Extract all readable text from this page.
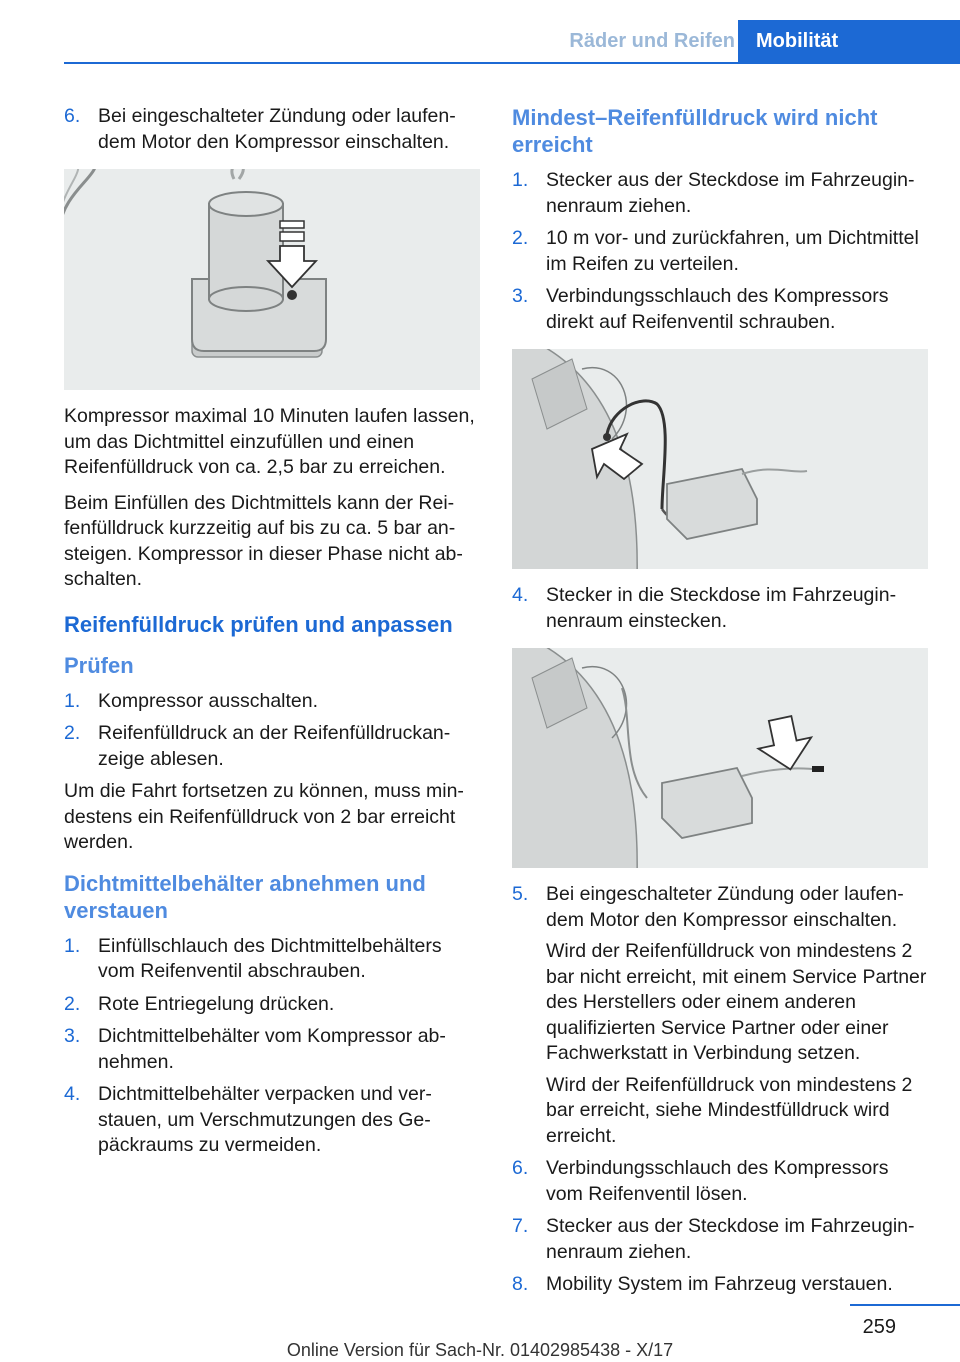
Räder und Reifen Mobilität
6. Bei eingeschalteter Zündung oder laufendem Motor den Kompressor einschalten.

Kompressor maximal 10 Minuten laufen lassen, um das Dichtmittel einzufüllen und einen Reifenfülldruck von ca. 2,5 bar zu erreichen.

Beim Einfüllen des Dichtmittels kann der Reifenfülldruck kurzzeitig auf bis zu ca. 5 bar ansteigen. Kompressor in dieser Phase nicht abschalten.

Reifenfülldruck prüfen und anpassen
Prüfen
1. Kompressor ausschalten.
2. Reifenfülldruck an der Reifenfülldruckanzeige ablesen.

Um die Fahrt fortsetzen zu können, muss mindestens ein Reifenfülldruck von 2 bar erreicht werden.

Dichtmittelbehälter abnehmen und verstauen
1. Einfüllschlauch des Dichtmittelbehälters vom Reifenventil abschrauben.
2. Rote Entriegelung drücken.
3. Dichtmittelbehälter vom Kompressor abnehmen.
4. Dichtmittelbehälter verpacken und verstauen, um Verschmutzungen des Gepäckraums zu vermeiden.
Mindest–Reifenfülldruck wird nicht erreicht
1. Stecker aus der Steckdose im Fahrzeuginnenraum ziehen.
2. 10 m vor- und zurückfahren, um Dichtmittel im Reifen zu verteilen.
3. Verbindungsschlauch des Kompressors direkt auf Reifenventil schrauben.
4. Stecker in die Steckdose im Fahrzeuginnenraum einstecken.
5. Bei eingeschalteter Zündung oder laufendem Motor den Kompressor einschalten.

Wird der Reifenfülldruck von mindestens 2 bar nicht erreicht, mit einem Service Partner des Herstellers oder einem anderen qualifizierten Service Partner oder einer Fachwerkstatt in Verbindung setzen.

Wird der Reifenfülldruck von mindestens 2 bar erreicht, siehe Mindestfülldruck wird erreicht.

6. Verbindungsschlauch des Kompressors vom Reifenventil lösen.
7. Stecker aus der Steckdose im Fahrzeuginnenraum ziehen.
8. Mobility System im Fahrzeug verstauen.
259
Online Version für Sach-Nr. 01402985438 - X/17
